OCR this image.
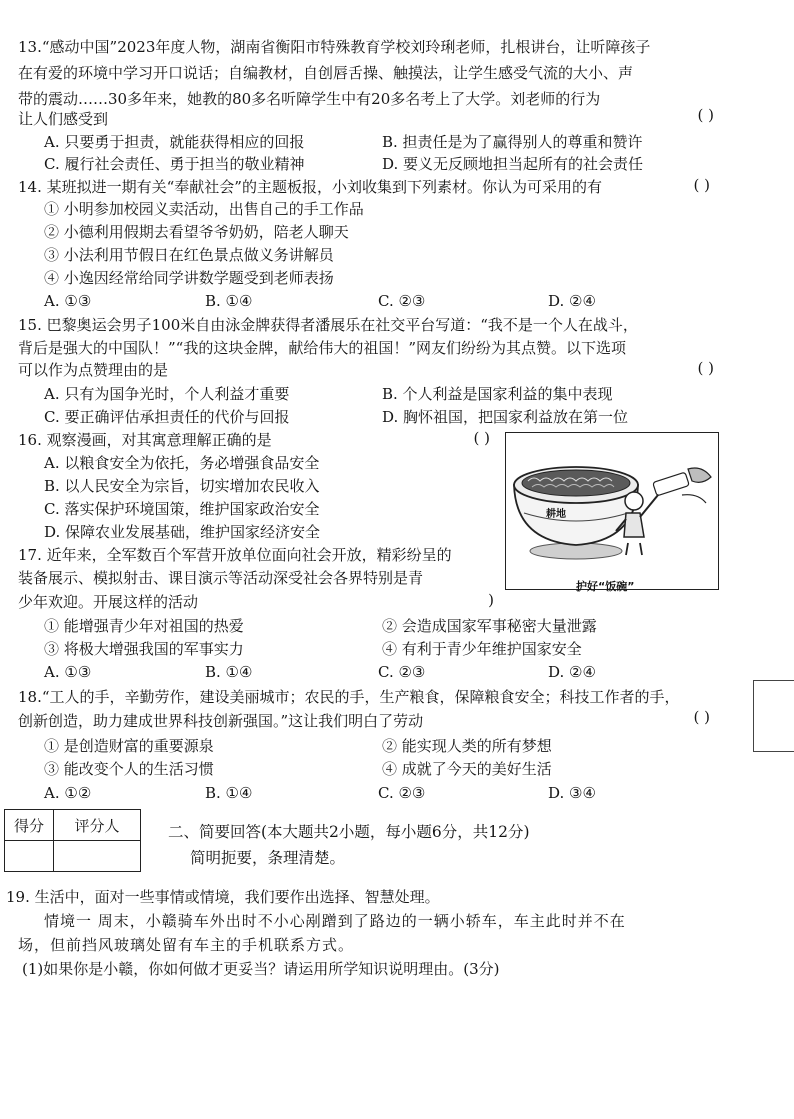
13.“感动中国”2023年度人物，湖南省衡阳市特殊教育学校刘玲琍老师，扎根讲台，让听障孩子
在有爱的环境中学习开口说话；自编教材，自创唇舌操、触摸法，让学生感受气流的大小、声
带的震动……30多年来，她教的80多名听障学生中有20多名考上了大学。刘老师的行为
让人们感受到	( )
A. 只要勇于担责，就能获得相应的回报	B. 担责任是为了赢得别人的尊重和赞许
C. 履行社会责任、勇于担当的敬业精神	D. 要义无反顾地担当起所有的社会责任
14. 某班拟进一期有关“奉献社会”的主题板报，小刘收集到下列素材。你认为可采用的有	( )
① 小明参加校园义卖活动，出售自己的手工作品
② 小德利用假期去看望爷爷奶奶，陪老人聊天
③ 小法利用节假日在红色景点做义务讲解员
④ 小逸因经常给同学讲数学题受到老师表扬
A. ①③	B. ①④	C. ②③	D. ②④
15. 巴黎奥运会男子100米自由泳金牌获得者潘展乐在社交平台写道：“我不是一个人在战斗，
背后是强大的中国队！”“我的这块金牌，献给伟大的祖国！”网友们纷纷为其点赞。以下选项
可以作为点赞理由的是	( )
A. 只有为国争光时，个人利益才重要	B. 个人利益是国家利益的集中表现
C. 要正确评估承担责任的代价与回报	D. 胸怀祖国，把国家利益放在第一位
16. 观察漫画，对其寓意理解正确的是	( )
A. 以粮食安全为依托，务必增强食品安全
B. 以人民安全为宗旨，切实增加农民收入
C. 落实保护环境国策，维护国家政治安全
D. 保障农业发展基础，维护国家经济安全
耕地
护好“饭碗”
17. 近年来，全军数百个军营开放单位面向社会开放，精彩纷呈的
装备展示、模拟射击、课目演示等活动深受社会各界特别是青
少年欢迎。开展这样的活动	)
① 能增强青少年对祖国的热爱	② 会造成国家军事秘密大量泄露
③ 将极大增强我国的军事实力	④ 有利于青少年维护国家安全
A. ①③	B. ①④	C. ②③	D. ②④
18.“工人的手，辛勤劳作，建设美丽城市；农民的手，生产粮食，保障粮食安全；科技工作者的手，
创新创造，助力建成世界科技创新强国。”这让我们明白了劳动	( )
① 是创造财富的重要源泉	② 能实现人类的所有梦想
③ 能改变个人的生活习惯	④ 成就了今天的美好生活
A. ①②	B. ①④	C. ②③	D. ③④
得分	评分人
		二、简要回答(本大题共2小题，每小题6分，共12分)
简明扼要，条理清楚。
19. 生活中，面对一些事情或情境，我们要作出选择、智慧处理。
情境一 周末，小赣骑车外出时不小心剐蹭到了路边的一辆小轿车，车主此时并不在
场，但前挡风玻璃处留有车主的手机联系方式。
(1)如果你是小赣，你如何做才更妥当？请运用所学知识说明理由。(3分)
